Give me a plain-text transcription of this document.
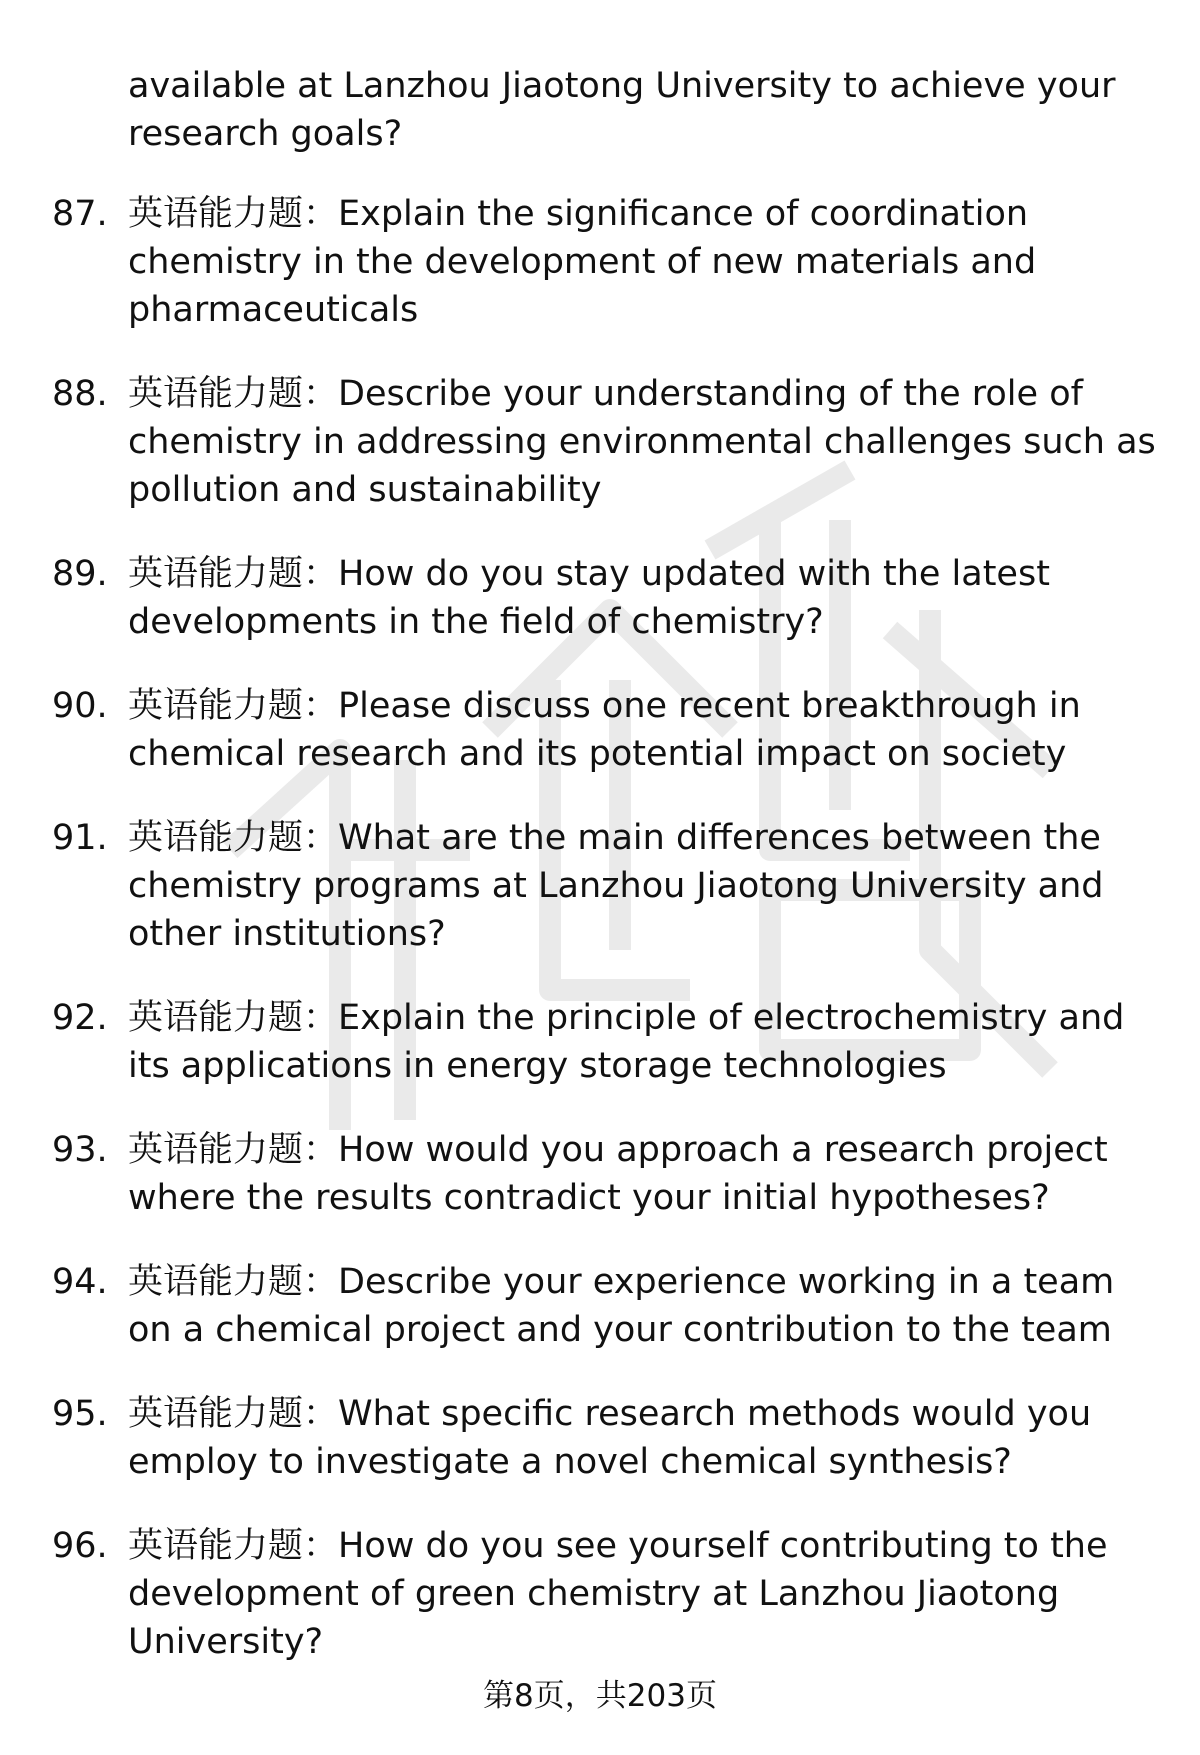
available at Lanzhou Jiaotong University to achieve your research goals?

87. 英语能力题：Explain the significance of coordination chemistry in the development of new materials and pharmaceuticals
88. 英语能力题：Describe your understanding of the role of chemistry in addressing environmental challenges such as pollution and sustainability
89. 英语能力题：How do you stay updated with the latest developments in the field of chemistry?
90. 英语能力题：Please discuss one recent breakthrough in chemical research and its potential impact on society
91. 英语能力题：What are the main differences between the chemistry programs at Lanzhou Jiaotong University and other institutions?
92. 英语能力题：Explain the principle of electrochemistry and its applications in energy storage technologies
93. 英语能力题：How would you approach a research project where the results contradict your initial hypotheses?
94. 英语能力题：Describe your experience working in a team on a chemical project and your contribution to the team
95. 英语能力题：What specific research methods would you employ to investigate a novel chemical synthesis?
96. 英语能力题：How do you see yourself contributing to the development of green chemistry at Lanzhou Jiaotong University?
第8页，共203页
